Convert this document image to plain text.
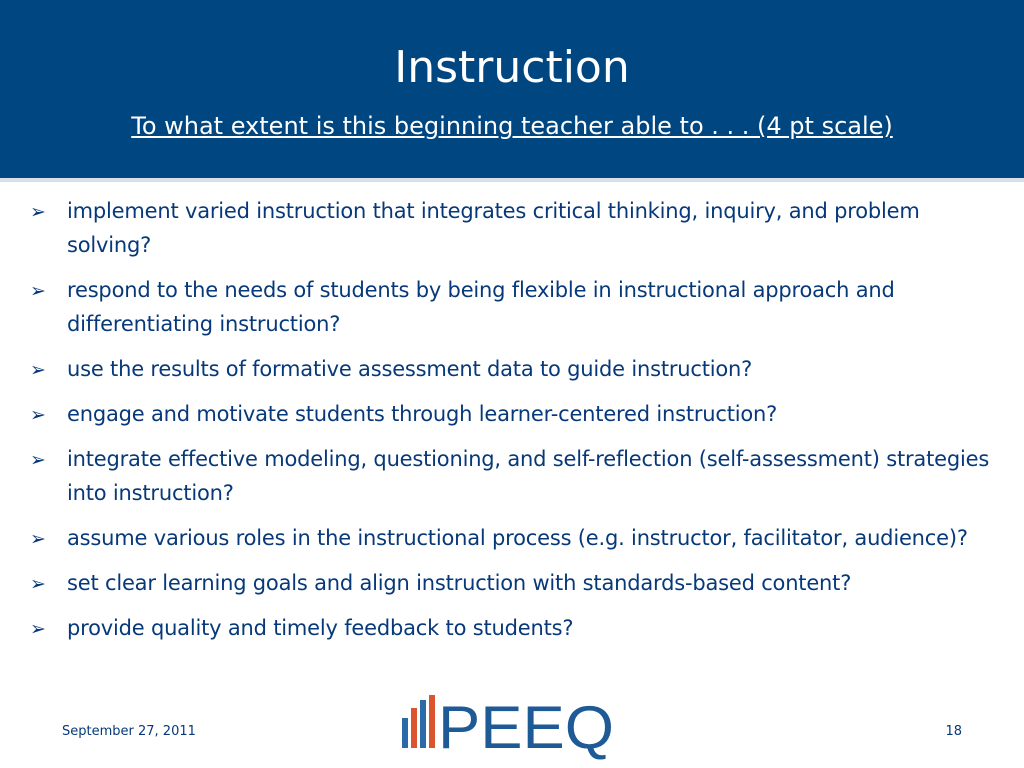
Instruction
To what extent is this beginning teacher able to . . . (4 pt scale)
➢ implement varied instruction that integrates critical thinking, inquiry, and problem solving?
➢ respond to the needs of students by being flexible in instructional approach and differentiating instruction?
➢ use the results of formative assessment data to guide instruction?
➢ engage and motivate students through learner-centered instruction?
➢ integrate effective modeling, questioning, and self-reflection (self-assessment) strategies into instruction?
➢ assume various roles in the instructional process (e.g. instructor, facilitator, audience)?
➢ set clear learning goals and align instruction with standards-based content?
➢ provide quality and timely feedback to students?
September 27, 2011	PEEQ	18
